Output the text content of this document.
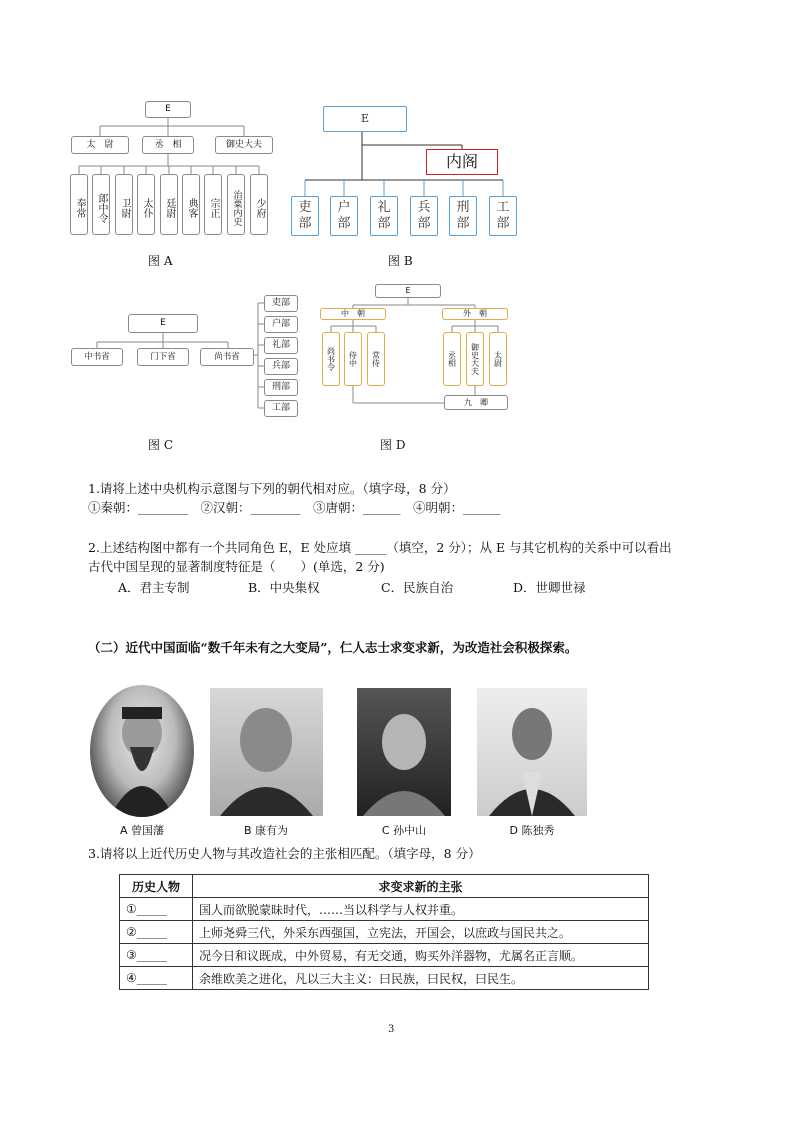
E
太　尉	丞　相	御史大夫
奉常	郎中令	卫尉	太仆	廷尉	典客	宗正	治粟内史	少府
图 A
E
内阁
吏部
户部
礼部
兵部
刑部
工部
图 B
E
中书省	门下省	尚书省
吏部
户部
礼部
兵部
刑部
工部
图 C
E
中　朝	外　朝
尚书令	侍中	常侍	丞相	御史大夫	太尉
九　卿
图 D
1.请将上述中央机构示意图与下列的朝代相对应。（填字母，8 分）
①秦朝：________　②汉朝：________　③唐朝：______　④明朝：______
2.上述结构图中都有一个共同角色 E，E 处应填 _____（填空，2 分）；从 E 与其它机构的关系中可以看出
古代中国呈现的显著制度特征是（　　）(单选，2 分)
A．君主专制	B．中央集权	C．民族自治	D．世卿世禄
（二）近代中国面临“数千年未有之大变局”，仁人志士求变求新，为改造社会积极探索。
A 曾国藩	B 康有为	C 孙中山	D 陈独秀
3.请将以上近代历史人物与其改造社会的主张相匹配。（填字母，8 分）
历史人物	求变求新的主张
①_____	国人而欲脱蒙昧时代，……当以科学与人权并重。
②_____	上师尧舜三代，外采东西强国，立宪法，开国会，以庶政与国民共之。
③_____	况今日和议既成，中外贸易，有无交通，购买外洋器物，尤属名正言顺。
④_____	余维欧美之进化，凡以三大主义：曰民族，曰民权，曰民生。
3
